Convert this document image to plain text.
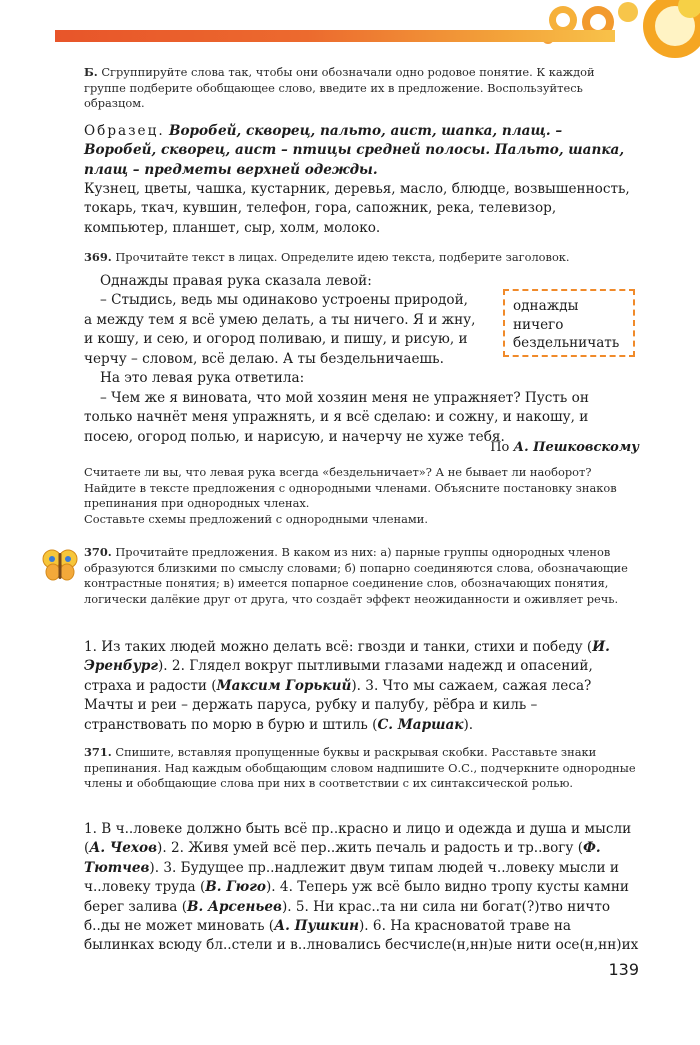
Б. Сгруппируйте слова так, чтобы они обозначали одно родовое понятие. К каждой группе подберите обобщающее слово, введите их в предложение. Воспользуйтесь образцом.

Образец. Воробей, скворец, пальто, аист, шапка, плащ. – Воробей, скворец, аист – птицы средней полосы. Пальто, шапка, плащ – предметы верхней одежды.

Кузнец, цветы, чашка, кустарник, деревья, масло, блюдце, возвышенность, токарь, ткач, кувшин, телефон, гора, сапожник, река, телевизор, компьютер, планшет, сыр, холм, молоко.

369. Прочитайте текст в лицах. Определите идею текста, подберите заголовок.

Однажды правая рука сказала левой:
– Стыдись, ведь мы одинаково устроены природой,
а между тем я всё умею делать, а ты ничего. Я и жну,
и кошу, и сею, и огород поливаю, и пишу, и рисую, и
черчу – словом, всё делаю. А ты бездельничаешь.
На это левая рука ответила:
однажды
ничего
бездельничать

– Чем же я виновата, что мой хозяин меня не упражняет? Пусть он только начнёт меня упражнять, и я всё сделаю: и сожну, и накошу, и посею, огород полью, и нарисую, и начерчу не хуже тебя.

По А. Пешковскому

Считаете ли вы, что левая рука всегда «бездельничает»? А не бывает ли наоборот? Найдите в тексте предложения с однородными членами. Объясните постановку знаков препинания при однородных членах.
Составьте схемы предложений с однородными членами.

370. Прочитайте предложения. В каком из них: а) парные группы однородных членов образуются близкими по смыслу словами; б) попарно соединяются слова, обозначающие контрастные понятия; в) имеется попарное соединение слов, обозначающих понятия, логически далёкие друг от друга, что создаёт эффект неожиданности и оживляет речь.

1. Из таких людей можно делать всё: гвозди и танки, стихи и победу (И. Эренбург). 2. Глядел вокруг пытливыми глазами надежд и опасений, страха и радости (Максим Горький). 3. Что мы сажаем, сажая леса? Мачты и реи – держать паруса, рубку и палубу, рёбра и киль – странствовать по морю в бурю и штиль (С. Маршак).

371. Спишите, вставляя пропущенные буквы и раскрывая скобки. Расставьте знаки препинания. Над каждым обобщающим словом надпишите О.С., подчеркните однородные члены и обобщающие слова при них в соответствии с их синтаксической ролью.

1. В ч..ловеке должно быть всё пр..красно и лицо и одежда и душа и мысли (А. Чехов). 2. Живя умей всё пер..жить печаль и радость и тр..вогу (Ф. Тютчев). 3. Будущее пр..надлежит двум типам людей ч..ловеку мысли и ч..ловеку труда (В. Гюго). 4. Теперь уж всё было видно тропу кусты камни берег залива (В. Арсеньев). 5. Ни крас..та ни сила ни богат(?)тво ничто б..ды не может миновать (А. Пушкин). 6. На красноватой траве на былинках всюду бл..стели и в..лновались бесчисле(н,нн)ые нити осе(н,нн)их

139
